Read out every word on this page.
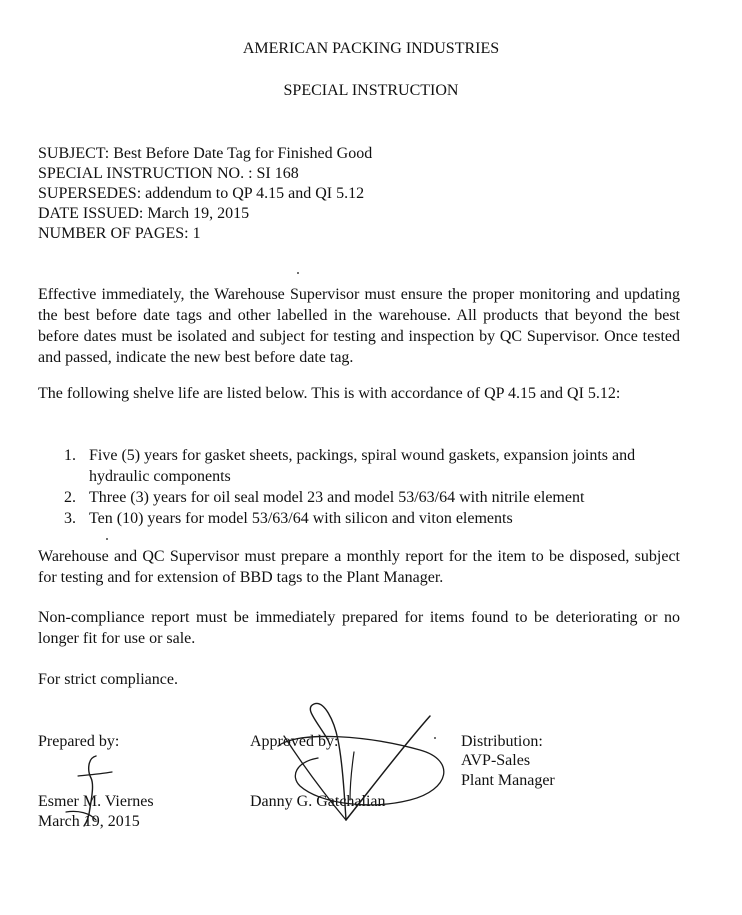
AMERICAN PACKING INDUSTRIES
SPECIAL INSTRUCTION
SUBJECT: Best Before Date Tag for Finished Good
SPECIAL INSTRUCTION NO. : SI 168
SUPERSEDES: addendum to QP 4.15 and QI 5.12
DATE ISSUED: March 19, 2015
NUMBER OF PAGES: 1
Effective immediately, the Warehouse Supervisor must ensure the proper monitoring and updating the best before date tags and other labelled in the warehouse. All products that beyond the best before dates must be isolated and subject for testing and inspection by QC Supervisor. Once tested and passed, indicate the new best before date tag.
The following shelve life are listed below. This is with accordance of QP 4.15 and QI 5.12:
1. Five (5) years for gasket sheets, packings, spiral wound gaskets, expansion joints and hydraulic components
2. Three (3) years for oil seal model 23 and model 53/63/64 with nitrile element
3. Ten (10) years for model 53/63/64 with silicon and viton elements
Warehouse and QC Supervisor must prepare a monthly report for the item to be disposed, subject for testing and for extension of BBD tags to the Plant Manager.
Non-compliance report must be immediately prepared for items found to be deteriorating or no longer fit for use or sale.
For strict compliance.
Prepared by:
Esmer M. Viernes
March 19, 2015
Approved by:
Danny G. Gatchalian
Distribution:
AVP-Sales
Plant Manager
